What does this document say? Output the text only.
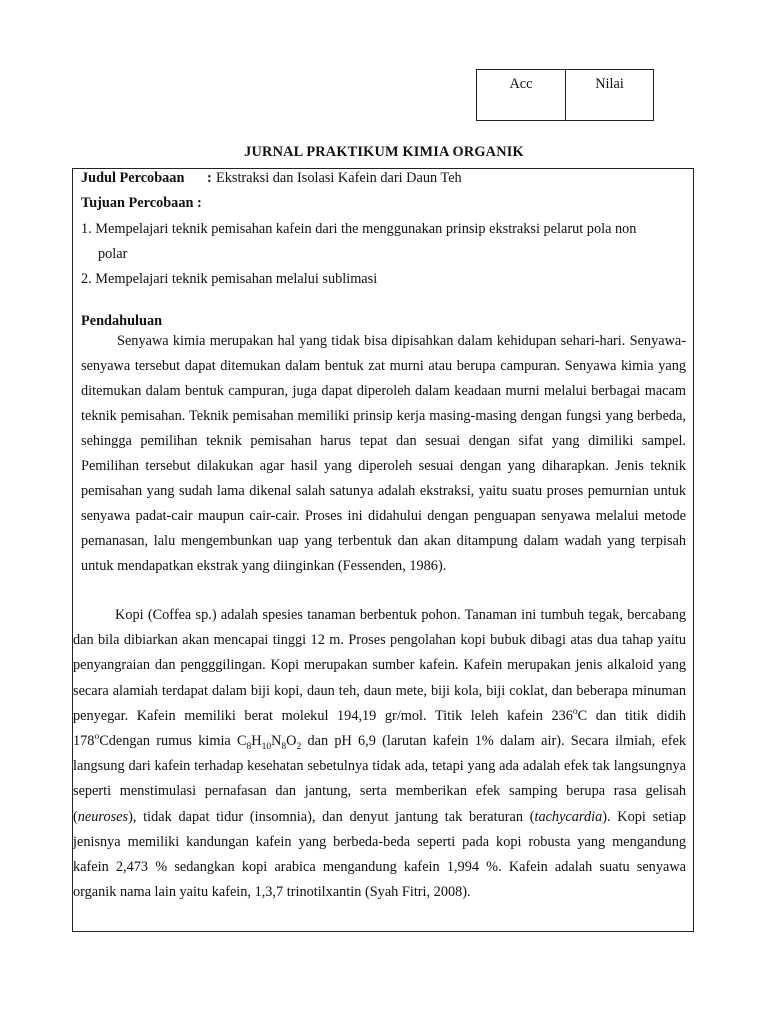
Acc	Nilai
JURNAL PRAKTIKUM KIMIA ORGANIK
Judul Percobaan : Ekstraksi dan Isolasi Kafein dari Daun Teh
Tujuan Percobaan :
1. Mempelajari teknik pemisahan kafein dari the menggunakan prinsip ekstraksi pelarut pola non
polar
2. Mempelajari teknik pemisahan melalui sublimasi
Pendahuluan
Senyawa kimia merupakan hal yang tidak bisa dipisahkan dalam kehidupan sehari-hari. Senyawa-senyawa tersebut dapat ditemukan dalam bentuk zat murni atau berupa campuran. Senyawa kimia yang ditemukan dalam bentuk campuran, juga dapat diperoleh dalam keadaan murni melalui berbagai macam teknik pemisahan. Teknik pemisahan memiliki prinsip kerja masing-masing dengan fungsi yang berbeda, sehingga pemilihan teknik pemisahan harus tepat dan sesuai dengan sifat yang dimiliki sampel. Pemilihan tersebut dilakukan agar hasil yang diperoleh sesuai dengan yang diharapkan. Jenis teknik pemisahan yang sudah lama dikenal salah satunya adalah ekstraksi, yaitu suatu proses pemurnian untuk senyawa padat-cair maupun cair-cair. Proses ini didahului dengan penguapan senyawa melalui metode pemanasan, lalu mengembunkan uap yang terbentuk dan akan ditampung dalam wadah yang terpisah untuk mendapatkan ekstrak yang diinginkan (Fessenden, 1986).
Kopi (Coffea sp.) adalah spesies tanaman berbentuk pohon. Tanaman ini tumbuh tegak, bercabang dan bila dibiarkan akan mencapai tinggi 12 m. Proses pengolahan kopi bubuk dibagi atas dua tahap yaitu penyangraian dan pengggilingan. Kopi merupakan sumber kafein. Kafein merupakan jenis alkaloid yang secara alamiah terdapat dalam biji kopi, daun teh, daun mete, biji kola, biji coklat, dan beberapa minuman penyegar. Kafein memiliki berat molekul 194,19 gr/mol. Titik leleh kafein 236$^o$C dan titik didih 178$^o$Cdengan rumus kimia $C_8H_{10}N_8O_2$ dan pH 6,9 (larutan kafein 1% dalam air). Secara ilmiah, efek langsung dari kafein terhadap kesehatan sebetulnya tidak ada, tetapi yang ada adalah efek tak langsungnya seperti menstimulasi pernafasan dan jantung, serta memberikan efek samping berupa rasa gelisah (neuroses), tidak dapat tidur (insomnia), dan denyut jantung tak beraturan (tachycardia). Kopi setiap jenisnya memiliki kandungan kafein yang berbeda-beda seperti pada kopi robusta yang mengandung kafein 2,473 % sedangkan kopi arabica mengandung kafein 1,994 %. Kafein adalah suatu senyawa organik nama lain yaitu kafein, 1,3,7 trinotilxantin (Syah Fitri, 2008).
